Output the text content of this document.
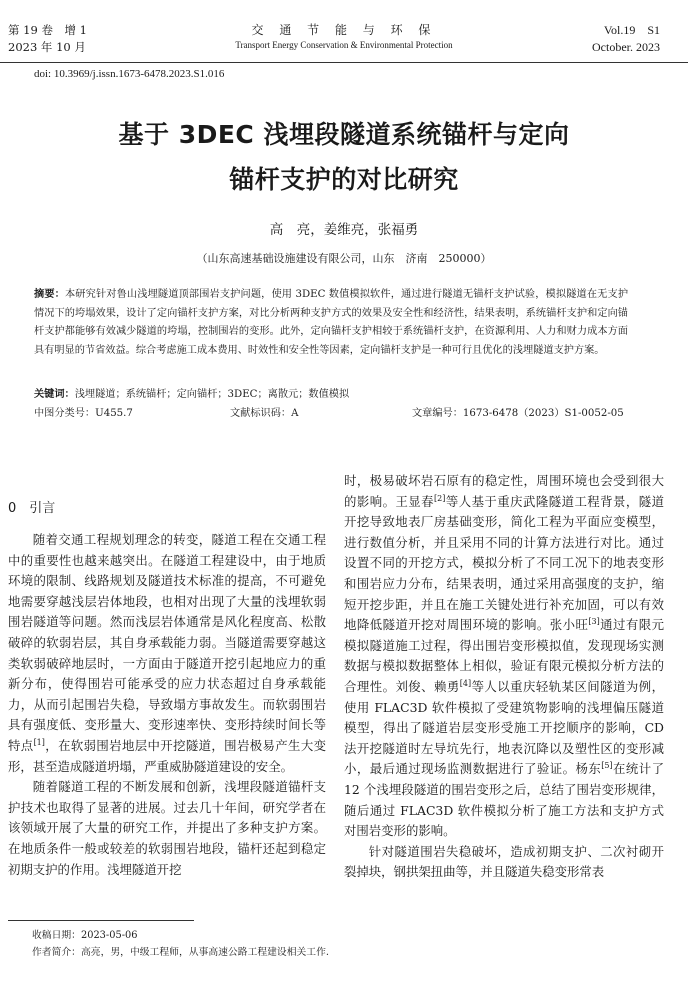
第 19 卷　增 1
2023 年 10 月
交 通 节 能 与 环 保
Transport Energy Conservation & Environmental Protection
Vol.19　S1
October. 2023
doi: 10.3969/j.issn.1673-6478.2023.S1.016
基于 3DEC 浅埋段隧道系统锚杆与定向
锚杆支护的对比研究
高　亮，姜维亮，张福勇
（山东高速基础设施建设有限公司，山东　济南　250000）
摘要：本研究针对鲁山浅埋隧道顶部围岩支护问题，使用 3DEC 数值模拟软件，通过进行隧道无锚杆支护试验，模拟隧道在无支护情况下的垮塌效果，设计了定向锚杆支护方案，对比分析两种支护方式的效果及安全性和经济性，结果表明，系统锚杆支护和定向锚杆支护都能够有效减少隧道的垮塌，控制围岩的变形。此外，定向锚杆支护相较于系统锚杆支护，在资源利用、人力和财力成本方面具有明显的节省效益。综合考虑施工成本费用、时效性和安全性等因素，定向锚杆支护是一种可行且优化的浅埋隧道支护方案。
关键词：浅埋隧道；系统锚杆；定向锚杆；3DEC；离散元；数值模拟
中图分类号：U455.7	文献标识码：A	文章编号：1673-6478（2023）S1-0052-05
0　引言

随着交通工程规划理念的转变，隧道工程在交通工程中的重要性也越来越突出。在隧道工程建设中，由于地质环境的限制、线路规划及隧道技术标准的提高，不可避免地需要穿越浅层岩体地段，也相对出现了大量的浅埋软弱围岩隧道等问题。然而浅层岩体通常是风化程度高、松散破碎的软弱岩层，其自身承载能力弱。当隧道需要穿越这类软弱破碎地层时，一方面由于隧道开挖引起地应力的重新分布，使得围岩可能承受的应力状态超过自身承载能力，从而引起围岩失稳，导致塌方事故发生。而软弱围岩具有强度低、变形量大、变形速率快、变形持续时间长等特点[1]，在软弱围岩地层中开挖隧道，围岩极易产生大变形，甚至造成隧道坍塌，严重威胁隧道建设的安全。

随着隧道工程的不断发展和创新，浅埋段隧道锚杆支护技术也取得了显著的进展。过去几十年间，研究学者在该领域开展了大量的研究工作，并提出了多种支护方案。在地质条件一般或较差的软弱围岩地段，锚杆还起到稳定初期支护的作用。浅埋隧道开挖

时，极易破坏岩石原有的稳定性，周围环境也会受到很大的影响。王显春[2]等人基于重庆武隆隧道工程背景，隧道开挖导致地表厂房基础变形，简化工程为平面应变模型，进行数值分析，并且采用不同的计算方法进行对比。通过设置不同的开挖方式，模拟分析了不同工况下的地表变形和围岩应力分布，结果表明，通过采用高强度的支护，缩短开挖步距，并且在施工关键处进行补充加固，可以有效地降低隧道开挖对周围环境的影响。张小旺[3]通过有限元模拟隧道施工过程，得出围岩变形模拟值，发现现场实测数据与模拟数据整体上相似，验证有限元模拟分析方法的合理性。刘俊、赖勇[4]等人以重庆轻轨某区间隧道为例，使用 FLAC3D 软件模拟了受建筑物影响的浅埋偏压隧道模型，得出了隧道岩层变形受施工开挖顺序的影响，CD 法开挖隧道时左导坑先行，地表沉降以及塑性区的变形减小，最后通过现场监测数据进行了验证。杨东[5]在统计了 12 个浅埋段隧道的围岩变形之后，总结了围岩变形规律，随后通过 FLAC3D 软件模拟分析了施工方法和支护方式对围岩变形的影响。

针对隧道围岩失稳破坏，造成初期支护、二次衬砌开裂掉块，钢拱架扭曲等，并且隧道失稳变形常表

收稿日期：2023-05-06
作者简介：高亮，男，中级工程师，从事高速公路工程建设相关工作.
